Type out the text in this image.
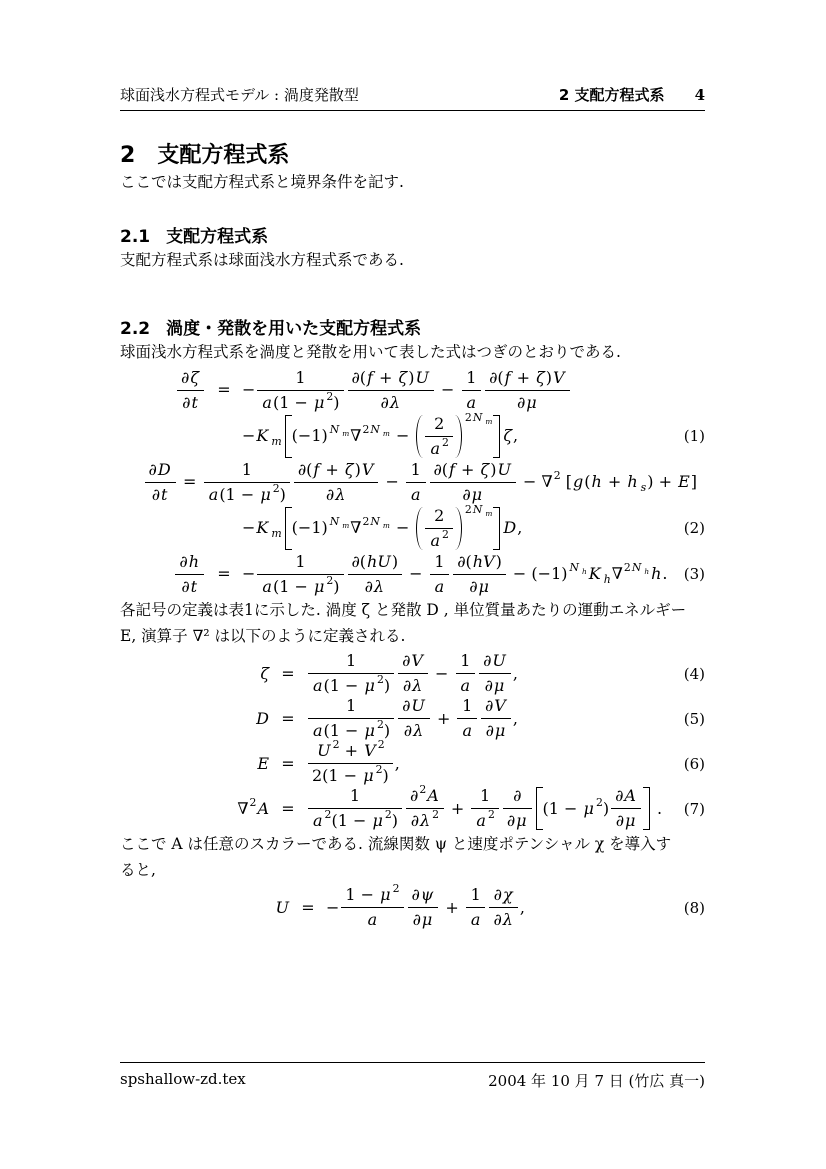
球面浅水方程式モデル : 渦度発散型	2 支配方程式系 4
2 支配方程式系

ここでは支配方程式系と境界条件を記す.

2.1 支配方程式系

支配方程式系は球面浅水方程式系である.

2.2 渦度・発散を用いた支配方程式系

球面浅水方程式系を渦度と発散を用いて表した式はつぎのとおりである.

$\frac{\partial \zeta}{\partial t}$ = − $\frac{1}{a (1 - \mu 2 )} \frac{\partial( f + \zeta ) U}{\partial \lambda} - \frac{1}{a} \frac{\partial( f + \zeta ) V}{\partial \mu}$
− K m (−1) N m ∇ 2 N $m - \frac{2}{a 2} 2$ N m
ζ ,	(1)
$\frac{\partial D}{\partial t} = \frac{1}{a (1 - \mu 2 )} \frac{\partial( f + \zeta ) V}{\partial \lambda} - \frac{1}{a} \frac{\partial( f + \zeta ) U}{\partial \mu}$ − ∇ 2 [ g ( h + h s ) + E ]
− K m (−1) N m ∇ 2 N $m - \frac{2}{a 2} 2$ N m
D ,	(2)
$\frac{\partial h}{\partial t}$ = − $\frac{1}{a (1 - \mu 2 )} \frac{\partial( hU )}{\partial \lambda} - \frac{1}{a} \frac{\partial( hV )}{\partial \mu} - (-1)$ N h K h ∇ 2 N h h . (3)

各記号の定義は表1に示した. 渦度 ζ と発散 D , 単位質量あたりの運動エネルギー
E, 演算子 ∇² は以下のように定義される.

$\zeta = \frac{1}{a (1 - \mu 2 )} \frac{\partial V}{\partial \lambda} - \frac{1}{a} \frac{\partial U}{\partial \mu}$ ,	(4)
$D = \frac{1}{a (1 - \mu 2 )} \frac{\partial U}{\partial \lambda} + \frac{1}{a} \frac{\partial V}{\partial \mu}$ ,	(5)
$E = \frac{U 2 + V 2}{2(1 - \mu 2 )}$ ,	(6)
∇ 2 $A = \frac{1}{a 2 (1 - \mu 2 )} \frac{\partial 2 A}{\partial \lambda 2} + \frac{1}{a 2}$ ∂
∂ μ
(1 − μ 2 ) $\frac{\partial A}{\partial \mu}$ . (7)

ここで A は任意のスカラーである. 流線関数 ψ と速度ポテンシャル χ を導入す
ると,

U = − $\frac{1 - \mu 2}{a} \frac{\partial \psi}{\partial \mu} + \frac{1}{a} \frac{\partial \chi}{\partial \lambda}$ ,	(8)
spshallow-zd.tex	2004 年 10 月 7 日 (竹広 真一)
